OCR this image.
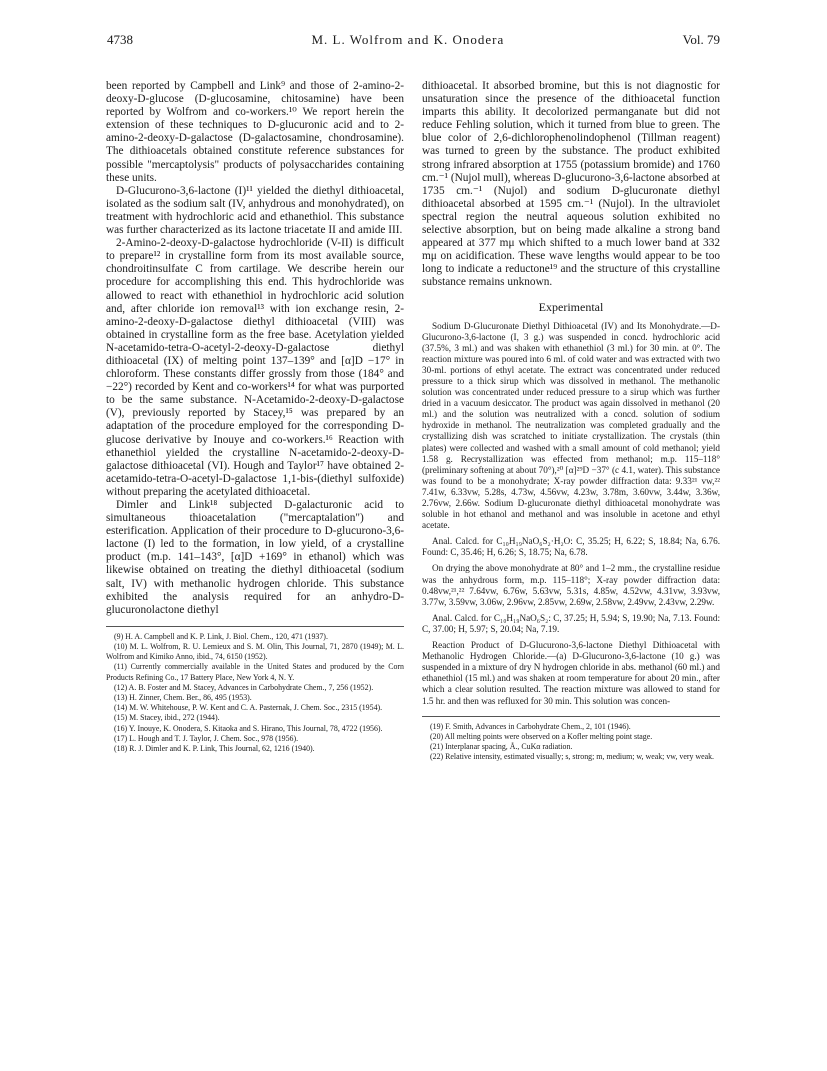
4738	M. L. Wolfrom and K. Onodera	Vol. 79

been reported by Campbell and Link⁹ and those of 2-amino-2-deoxy-D-glucose (D-glucosamine, chitosamine) have been reported by Wolfrom and co-workers.¹⁰ We report herein the extension of these techniques to D-glucuronic acid and to 2-amino-2-deoxy-D-galactose (D-galactosamine, chondrosamine). The dithioacetals obtained constitute reference substances for possible "mercaptolysis" products of polysaccharides containing these units.

D-Glucurono-3,6-lactone (I)¹¹ yielded the diethyl dithioacetal, isolated as the sodium salt (IV, anhydrous and monohydrated), on treatment with hydrochloric acid and ethanethiol. This substance was further characterized as its lactone triacetate II and amide III.

2-Amino-2-deoxy-D-galactose hydrochloride (V-II) is difficult to prepare¹² in crystalline form from its most available source, chondroitinsulfate C from cartilage. We describe herein our procedure for accomplishing this end. This hydrochloride was allowed to react with ethanethiol in hydrochloric acid solution and, after chloride ion removal¹³ with ion exchange resin, 2-amino-2-deoxy-D-galactose diethyl dithioacetal (VIII) was obtained in crystalline form as the free base. Acetylation yielded N-acetamido-tetra-O-acetyl-2-deoxy-D-galactose diethyl dithioacetal (IX) of melting point 137–139° and [α]D −17° in chloroform. These constants differ grossly from those (184° and −22°) recorded by Kent and co-workers¹⁴ for what was purported to be the same substance. N-Acetamido-2-deoxy-D-galactose (V), previously reported by Stacey,¹⁵ was prepared by an adaptation of the procedure employed for the corresponding D-glucose derivative by Inouye and co-workers.¹⁶ Reaction with ethanethiol yielded the crystalline N-acetamido-2-deoxy-D-galactose dithioacetal (VI). Hough and Taylor¹⁷ have obtained 2-acetamido-tetra-O-acetyl-D-galactose 1,1-bis-(diethyl sulfoxide) without preparing the acetylated dithioacetal.

Dimler and Link¹⁸ subjected D-galacturonic acid to simultaneous thioacetalation ("mercaptalation") and esterification. Application of their procedure to D-glucurono-3,6-lactone (I) led to the formation, in low yield, of a crystalline product (m.p. 141–143°, [α]D +169° in ethanol) which was likewise obtained on treating the diethyl dithioacetal (sodium salt, IV) with methanolic hydrogen chloride. This substance exhibited the analysis required for an anhydro-D-glucuronolactone diethyl

(9) H. A. Campbell and K. P. Link, J. Biol. Chem., 120, 471 (1937).

(10) M. L. Wolfrom, R. U. Lemieux and S. M. Olin, This Journal, 71, 2870 (1949); M. L. Wolfrom and Kimiko Anno, ibid., 74, 6150 (1952).

(11) Currently commercially available in the United States and produced by the Corn Products Refining Co., 17 Battery Place, New York 4, N. Y.

(12) A. B. Foster and M. Stacey, Advances in Carbohydrate Chem., 7, 256 (1952).

(13) H. Zinner, Chem. Ber., 86, 495 (1953).

(14) M. W. Whitehouse, P. W. Kent and C. A. Pasternak, J. Chem. Soc., 2315 (1954).

(15) M. Stacey, ibid., 272 (1944).

(16) Y. Inouye, K. Onodera, S. Kitaoka and S. Hirano, This Journal, 78, 4722 (1956).

(17) L. Hough and T. J. Taylor, J. Chem. Soc., 978 (1956).

(18) R. J. Dimler and K. P. Link, This Journal, 62, 1216 (1940).

dithioacetal. It absorbed bromine, but this is not diagnostic for unsaturation since the presence of the dithioacetal function imparts this ability. It decolorized permanganate but did not reduce Fehling solution, which it turned from blue to green. The blue color of 2,6-dichlorophenolindophenol (Tillman reagent) was turned to green by the substance. The product exhibited strong infrared absorption at 1755 (potassium bromide) and 1760 cm.⁻¹ (Nujol mull), whereas D-glucurono-3,6-lactone absorbed at 1735 cm.⁻¹ (Nujol) and sodium D-glucuronate diethyl dithioacetal absorbed at 1595 cm.⁻¹ (Nujol). In the ultraviolet spectral region the neutral aqueous solution exhibited no selective absorption, but on being made alkaline a strong band appeared at 377 mμ which shifted to a much lower band at 332 mμ on acidification. These wave lengths would appear to be too long to indicate a reductone¹⁹ and the structure of this crystalline substance remains unknown.

Experimental

Sodium D-Glucuronate Diethyl Dithioacetal (IV) and Its Monohydrate.—D-Glucurono-3,6-lactone (I, 3 g.) was suspended in concd. hydrochloric acid (37.5%, 3 ml.) and was shaken with ethanethiol (3 ml.) for 30 min. at 0°. The reaction mixture was poured into 6 ml. of cold water and was extracted with two 30-ml. portions of ethyl acetate. The extract was concentrated under reduced pressure to a thick sirup which was dissolved in methanol. The methanolic solution was concentrated under reduced pressure to a sirup which was further dried in a vacuum desiccator. The product was again dissolved in methanol (20 ml.) and the solution was neutralized with a concd. solution of sodium hydroxide in methanol. The neutralization was completed gradually and the crystallizing dish was scratched to initiate crystallization. The crystals (thin plates) were collected and washed with a small amount of cold methanol; yield 1.58 g. Recrystallization was effected from methanol; m.p. 115–118° (preliminary softening at about 70°),²⁰ [α]²⁹D −37° (c 4.1, water). This substance was found to be a monohydrate; X-ray powder diffraction data: 9.33²¹ vw,²² 7.41w, 6.33vw, 5.28s, 4.73w, 4.56vw, 4.23w, 3.78m, 3.60vw, 3.44w, 3.36w, 2.76vw, 2.66w. Sodium D-glucuronate diethyl dithioacetal monohydrate was soluble in hot ethanol and methanol and was insoluble in acetone and ethyl acetate.

Anal. Calcd. for C₁₀H₁₉NaO₆S₂·H₂O: C, 35.25; H, 6.22; S, 18.84; Na, 6.76. Found: C, 35.46; H, 6.26; S, 18.75; Na, 6.78.

On drying the above monohydrate at 80° and 1–2 mm., the crystalline residue was the anhydrous form, m.p. 115–118°; X-ray powder diffraction data: 0.48vw,²¹,²² 7.64vw, 6.76w, 5.63vw, 5.31s, 4.85w, 4.52vw, 4.31vw, 3.93vw, 3.77w, 3.59vw, 3.06w, 2.96vw, 2.85vw, 2.69w, 2.58vw, 2.49vw, 2.43vw, 2.29w.

Anal. Calcd. for C₁₀H₁₉NaO₆S₂: C, 37.25; H, 5.94; S, 19.90; Na, 7.13. Found: C, 37.00; H, 5.97; S, 20.04; Na, 7.19.

Reaction Product of D-Glucurono-3,6-lactone Diethyl Dithioacetal with Methanolic Hydrogen Chloride.—(a) D-Glucurono-3,6-lactone (10 g.) was suspended in a mixture of dry N hydrogen chloride in abs. methanol (60 ml.) and ethanethiol (15 ml.) and was shaken at room temperature for about 20 min., after which a clear solution resulted. The reaction mixture was allowed to stand for 1.5 hr. and then was refluxed for 30 min. This solution was concen-

(19) F. Smith, Advances in Carbohydrate Chem., 2, 101 (1946).

(20) All melting points were observed on a Kofler melting point stage.

(21) Interplanar spacing, Å., CuKα radiation.

(22) Relative intensity, estimated visually; s, strong; m, medium; w, weak; vw, very weak.
